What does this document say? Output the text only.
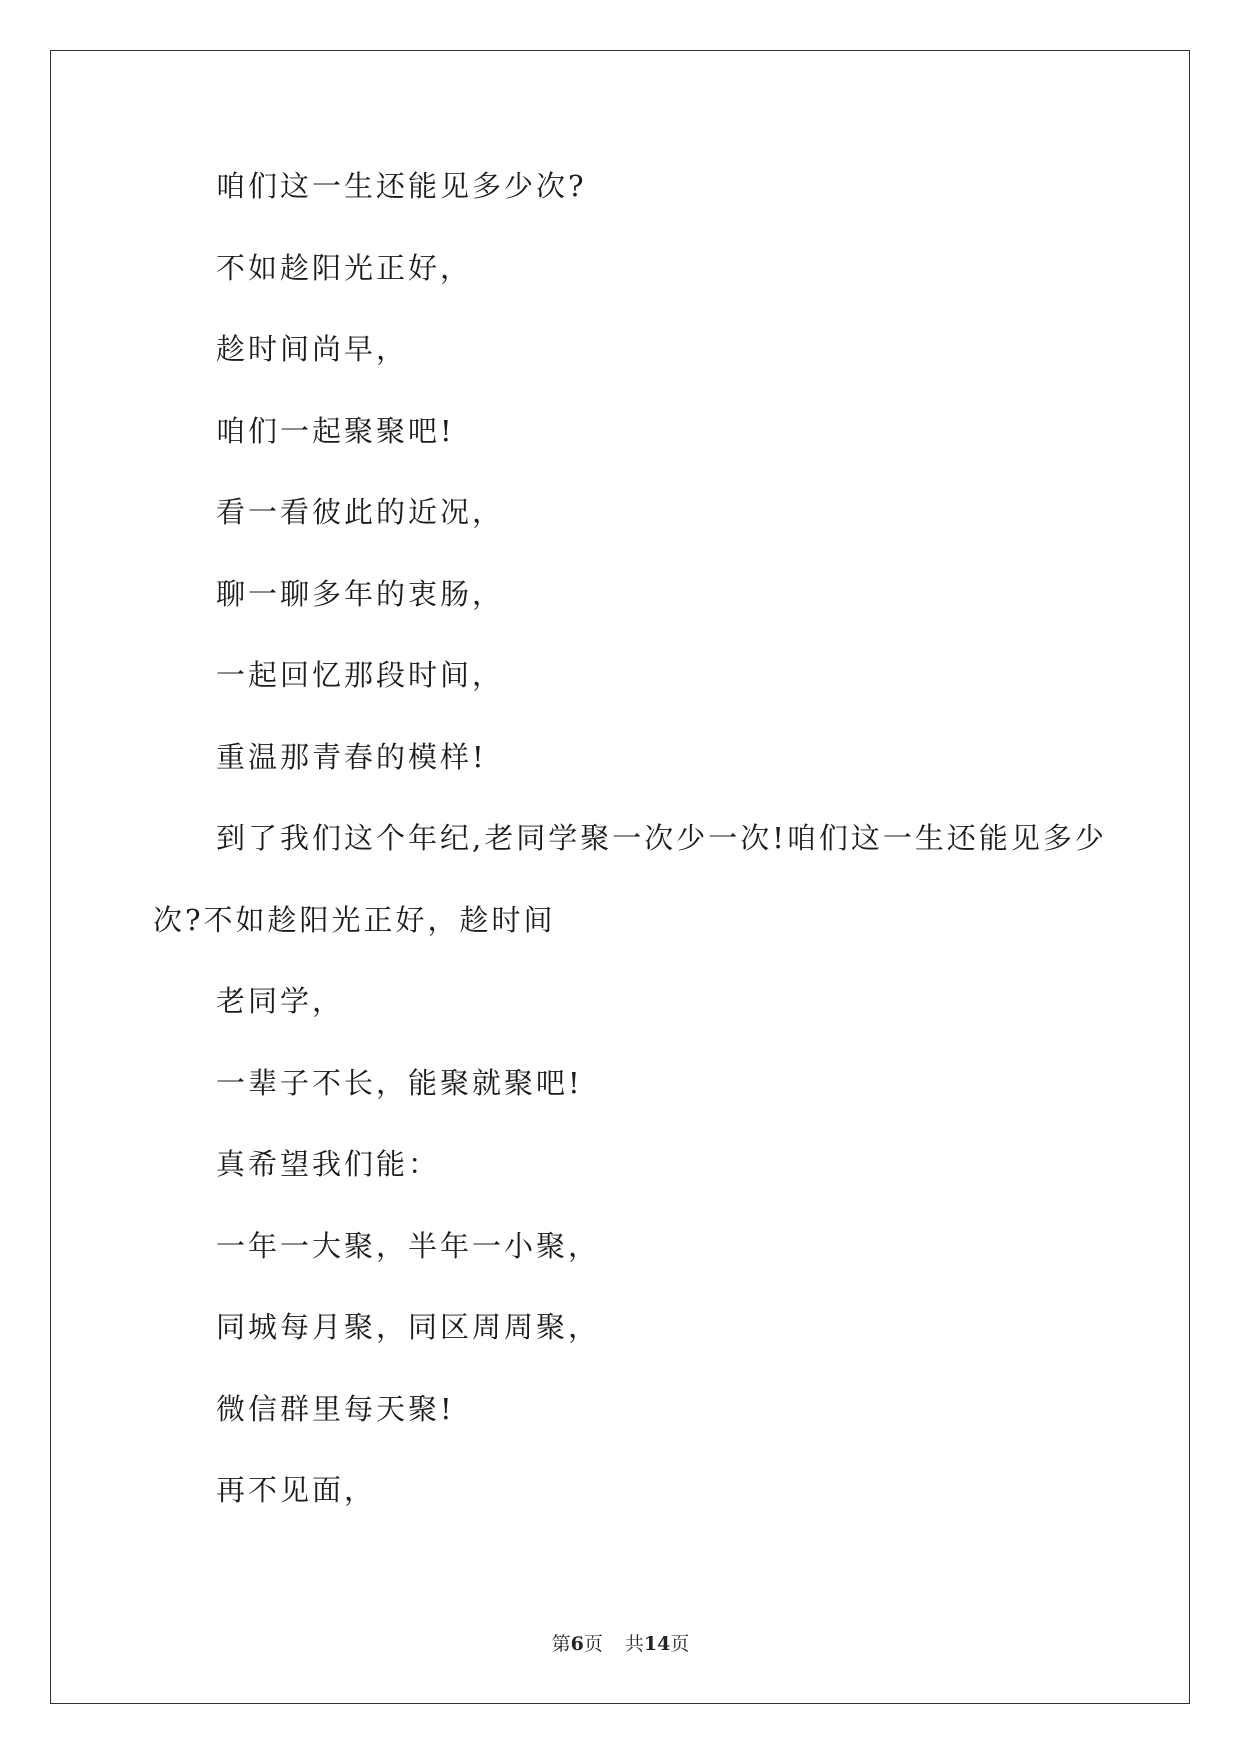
咱们这一生还能见多少次?

不如趁阳光正好，

趁时间尚早，

咱们一起聚聚吧!

看一看彼此的近况，

聊一聊多年的衷肠，

一起回忆那段时间，

重温那青春的模样!

到了我们这个年纪,老同学聚一次少一次!咱们这一生还能见多少

次?不如趁阳光正好，趁时间

老同学，

一辈子不长，能聚就聚吧!

真希望我们能：

一年一大聚，半年一小聚，

同城每月聚，同区周周聚，

微信群里每天聚!

再不见面，

第6页 共14页
